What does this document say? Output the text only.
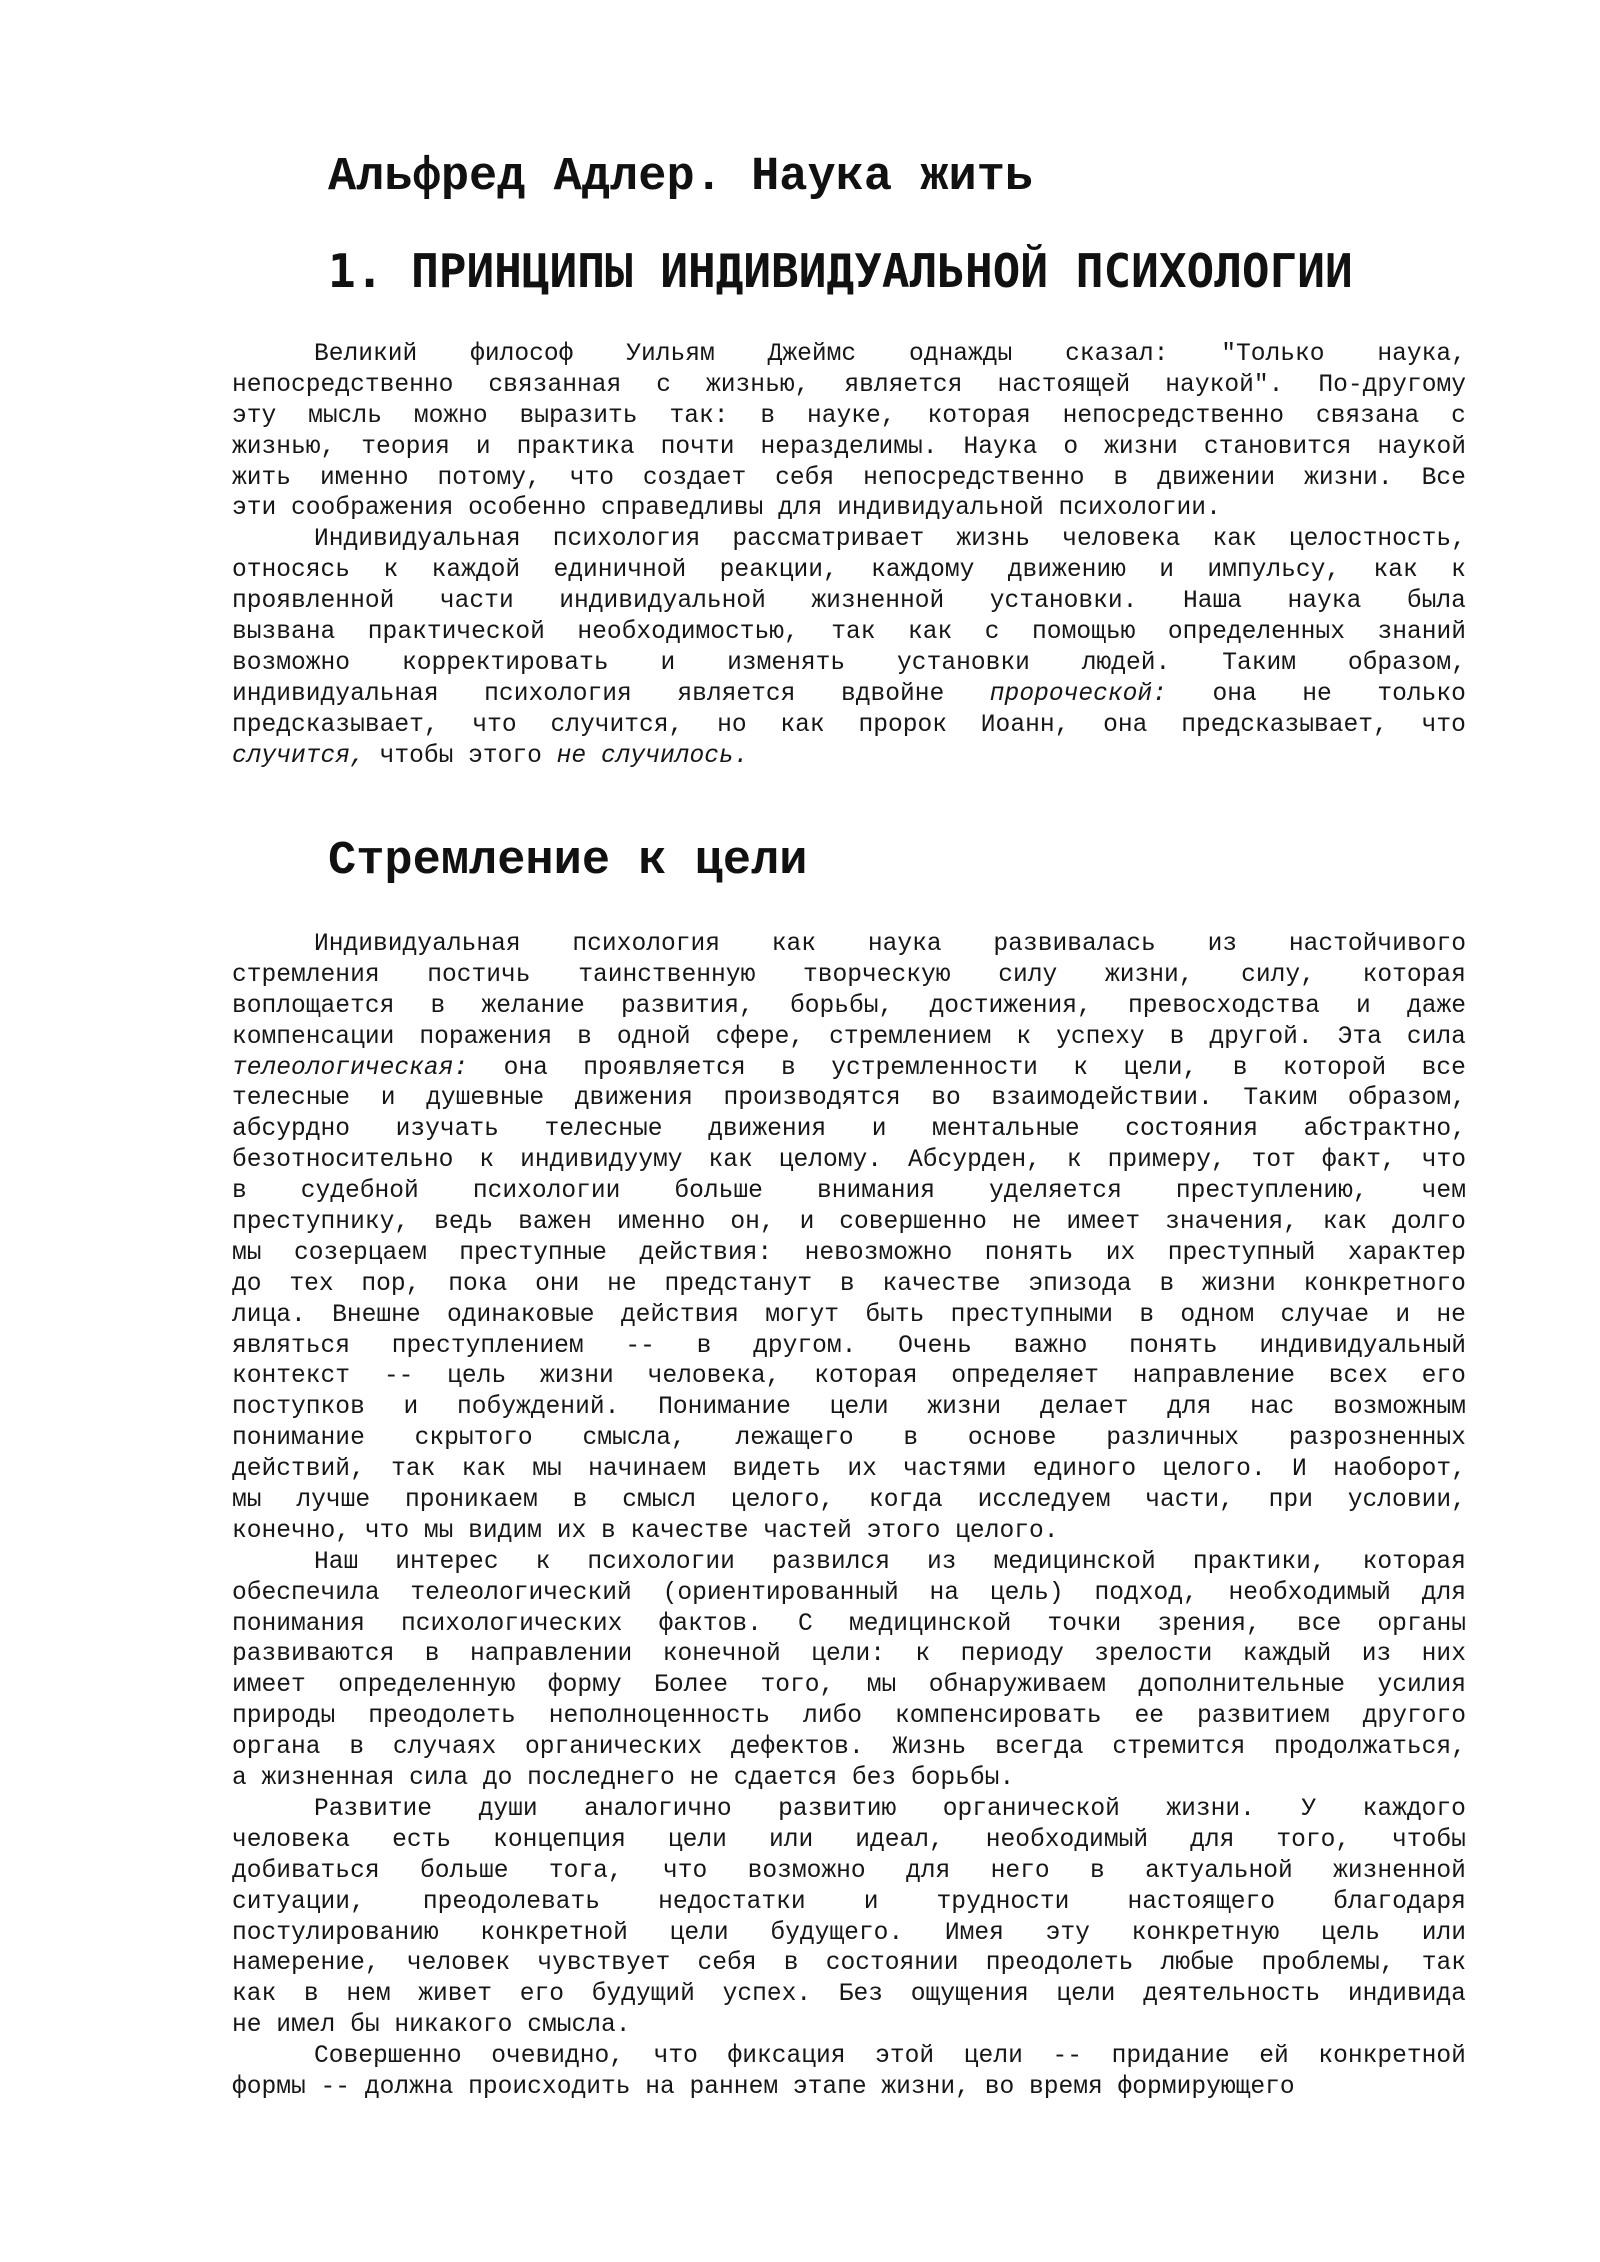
Альфред Адлер. Наука жить
1. ПРИНЦИПЫ ИНДИВИДУАЛЬНОЙ ПСИХОЛОГИИ
Великий философ Уильям Джеймс однажды сказал: "Только наука,
непосредственно связанная с жизнью, является настоящей наукой". По-другому
эту мысль можно выразить так: в науке, которая непосредственно связана с
жизнью, теория и практика почти неразделимы. Наука о жизни становится наукой
жить именно потому, что создает себя непосредственно в движении жизни. Все
эти соображения особенно справедливы для индивидуальной психологии.
Индивидуальная психология рассматривает жизнь человека как целостность,
относясь к каждой единичной реакции, каждому движению и импульсу, как к
проявленной части индивидуальной жизненной установки. Наша наука была
вызвана практической необходимостью, так как с помощью определенных знаний
возможно корректировать и изменять установки людей. Таким образом,
индивидуальная психология является вдвойне пророческой: она не только
предсказывает, что случится, но как пророк Иоанн, она предсказывает, что
случится, чтобы этого не случилось.
Стремление к цели
Индивидуальная психология как наука развивалась из настойчивого
стремления постичь таинственную творческую силу жизни, силу, которая
воплощается в желание развития, борьбы, достижения, превосходства и даже
компенсации поражения в одной сфере, стремлением к успеху в другой. Эта сила
телеологическая: она проявляется в устремленности к цели, в которой все
телесные и душевные движения производятся во взаимодействии. Таким образом,
абсурдно изучать телесные движения и ментальные состояния абстрактно,
безотносительно к индивидууму как целому. Абсурден, к примеру, тот факт, что
в судебной психологии больше внимания уделяется преступлению, чем
преступнику, ведь важен именно он, и совершенно не имеет значения, как долго
мы созерцаем преступные действия: невозможно понять их преступный характер
до тех пор, пока они не предстанут в качестве эпизода в жизни конкретного
лица. Внешне одинаковые действия могут быть преступными в одном случае и не
являться преступлением -- в другом. Очень важно понять индивидуальный
контекст -- цель жизни человека, которая определяет направление всех его
поступков и побуждений. Понимание цели жизни делает для нас возможным
понимание скрытого смысла, лежащего в основе различных разрозненных
действий, так как мы начинаем видеть их частями единого целого. И наоборот,
мы лучше проникаем в смысл целого, когда исследуем части, при условии,
конечно, что мы видим их в качестве частей этого целого.
Наш интерес к психологии развился из медицинской практики, которая
обеспечила телеологический (ориентированный на цель) подход, необходимый для
понимания психологических фактов. С медицинской точки зрения, все органы
развиваются в направлении конечной цели: к периоду зрелости каждый из них
имеет определенную форму Более того, мы обнаруживаем дополнительные усилия
природы преодолеть неполноценность либо компенсировать ее развитием другого
органа в случаях органических дефектов. Жизнь всегда стремится продолжаться,
а жизненная сила до последнего не сдается без борьбы.
Развитие души аналогично развитию органической жизни. У каждого
человека есть концепция цели или идеал, необходимый для того, чтобы
добиваться больше тога, что возможно для него в актуальной жизненной
ситуации, преодолевать недостатки и трудности настоящего благодаря
постулированию конкретной цели будущего. Имея эту конкретную цель или
намерение, человек чувствует себя в состоянии преодолеть любые проблемы, так
как в нем живет его будущий успех. Без ощущения цели деятельность индивида
не имел бы никакого смысла.
Совершенно очевидно, что фиксация этой цели -- придание ей конкретной
формы -- должна происходить на раннем этапе жизни, во время формирующего
